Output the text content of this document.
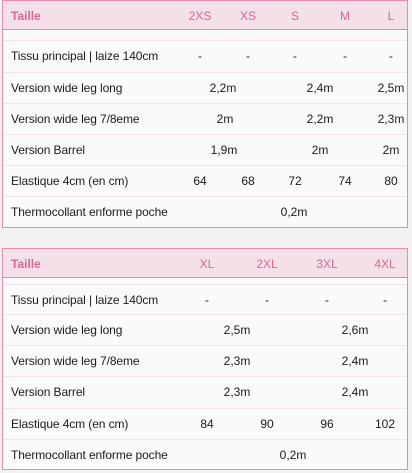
Taille	2XS XS	S	M	L
Tissu principal | laize 140cm	-	-	-	-	-
Version wide leg long	2,2m	2,4m	2,5m
Version wide leg 7/8eme	2m	2,2m	2,3m
Version Barrel	1,9m	2m	2m
Elastique 4cm (en cm)	64	68	72	74	80
Thermocollant enforme poche	0,2m
Taille	XL	2XL	3XL	4XL
Tissu principal | laize 140cm	-	-	-	-
Version wide leg long	2,5m	2,6m
Version wide leg 7/8eme	2,3m	2,4m
Version Barrel	2,3m	2,4m
Elastique 4cm (en cm)	84	90	96	102
Thermocollant enforme poche	0,2m
